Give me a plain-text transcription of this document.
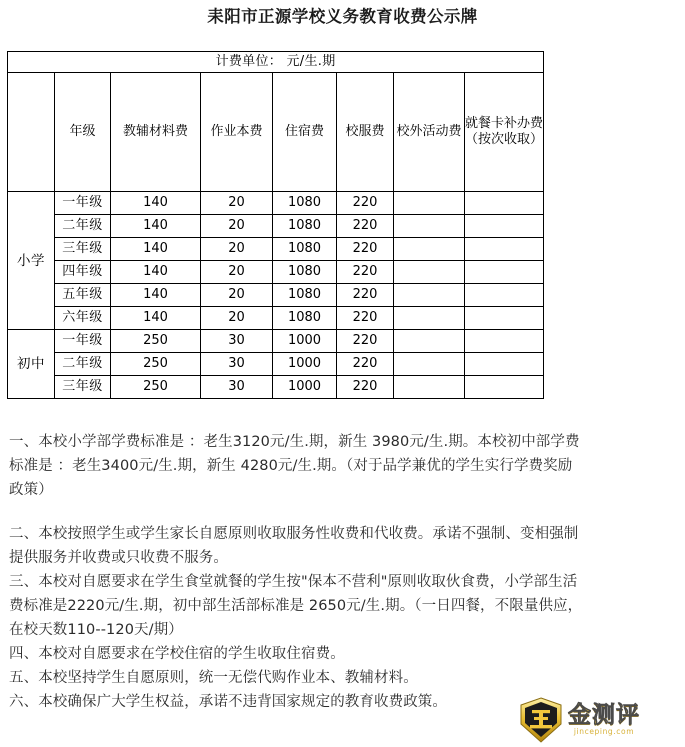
耒阳市正源学校义务教育收费公示牌
计费单位： 元/生.期							
	年级	教辅材料费	作业本费	住宿费	校服费	校外活动费	就餐卡补办费（按次收取）
小学	一年级	140	20	1080	220		
	二年级	140	20	1080	220		
	三年级	140	20	1080	220		
	四年级	140	20	1080	220		
	五年级	140	20	1080	220		
	六年级	140	20	1080	220		
初中	一年级	250	30	1000	220		
	二年级	250	30	1000	220		
	三年级	250	30	1000	220		

一、本校小学部学费标准是 ：老生3120元/生.期，新生 3980元/生.期。本校初中部学费

标准是 ：老生3400元/生.期，新生 4280元/生.期。（对于品学兼优的学生实行学费奖励

政策）

二、本校按照学生或学生家长自愿原则收取服务性收费和代收费。承诺不强制、变相强制

提供服务并收费或只收费不服务。

三、本校对自愿要求在学生食堂就餐的学生按"保本不营利"原则收取伙食费，小学部生活

费标准是2220元/生.期，初中部生活部标准是 2650元/生.期。（一日四餐，不限量供应，

在校天数110--120天/期）

四、本校对自愿要求在学校住宿的学生收取住宿费。

五、本校坚持学生自愿原则，统一无偿代购作业本、教辅材料。

六、本校确保广大学生权益，承诺不违背国家规定的教育收费政策。	金测评
jinceping.com
